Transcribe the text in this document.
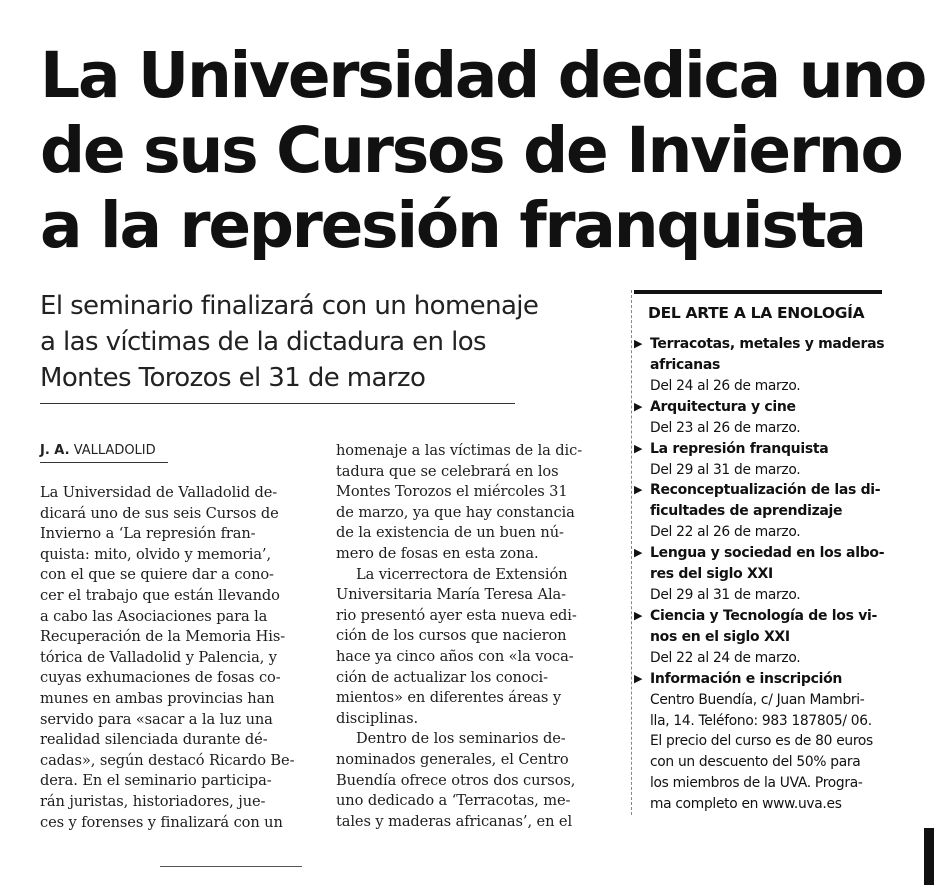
La Universidad dedica uno
de sus Cursos de Invierno
a la represión franquista
El seminario finalizará con un homenaje
a las víctimas de la dictadura en los
Montes Torozos el 31 de marzo
J. A. VALLADOLID
La Universidad de Valladolid de-
dicará uno de sus seis Cursos de
Invierno a ‘La represión fran-
quista: mito, olvido y memoria’,
con el que se quiere dar a cono-
cer el trabajo que están llevando
a cabo las Asociaciones para la
Recuperación de la Memoria His-
tórica de Valladolid y Palencia, y
cuyas exhumaciones de fosas co-
munes en ambas provincias han
servido para «sacar a la luz una
realidad silenciada durante dé-
cadas», según destacó Ricardo Be-
dera. En el seminario participa-
rán juristas, historiadores, jue-
ces y forenses y finalizará con un
homenaje a las víctimas de la dic-
tadura que se celebrará en los
Montes Torozos el miércoles 31
de marzo, ya que hay constancia
de la existencia de un buen nú-
mero de fosas en esta zona.
La vicerrectora de Extensión
Universitaria María Teresa Ala-
rio presentó ayer esta nueva edi-
ción de los cursos que nacieron
hace ya cinco años con «la voca-
ción de actualizar los conoci-
mientos» en diferentes áreas y
disciplinas.
Dentro de los seminarios de-
nominados generales, el Centro
Buendía ofrece otros dos cursos,
uno dedicado a ‘Terracotas, me-
tales y maderas africanas’, en el
DEL ARTE A LA ENOLOGÍA
▶ Terracotas, metales y maderas
africanas
Del 24 al 26 de marzo.
▶ Arquitectura y cine
Del 23 al 26 de marzo.
▶ La represión franquista
Del 29 al 31 de marzo.
▶ Reconceptualización de las di-
ficultades de aprendizaje
Del 22 al 26 de marzo.
▶ Lengua y sociedad en los albo-
res del siglo XXI
Del 29 al 31 de marzo.
▶ Ciencia y Tecnología de los vi-
nos en el siglo XXI
Del 22 al 24 de marzo.
▶ Información e inscripción
Centro Buendía, c/ Juan Mambri-
lla, 14. Teléfono: 983 187805/ 06.
El precio del curso es de 80 euros
con un descuento del 50% para
los miembros de la UVA. Progra-
ma completo en www.uva.es
